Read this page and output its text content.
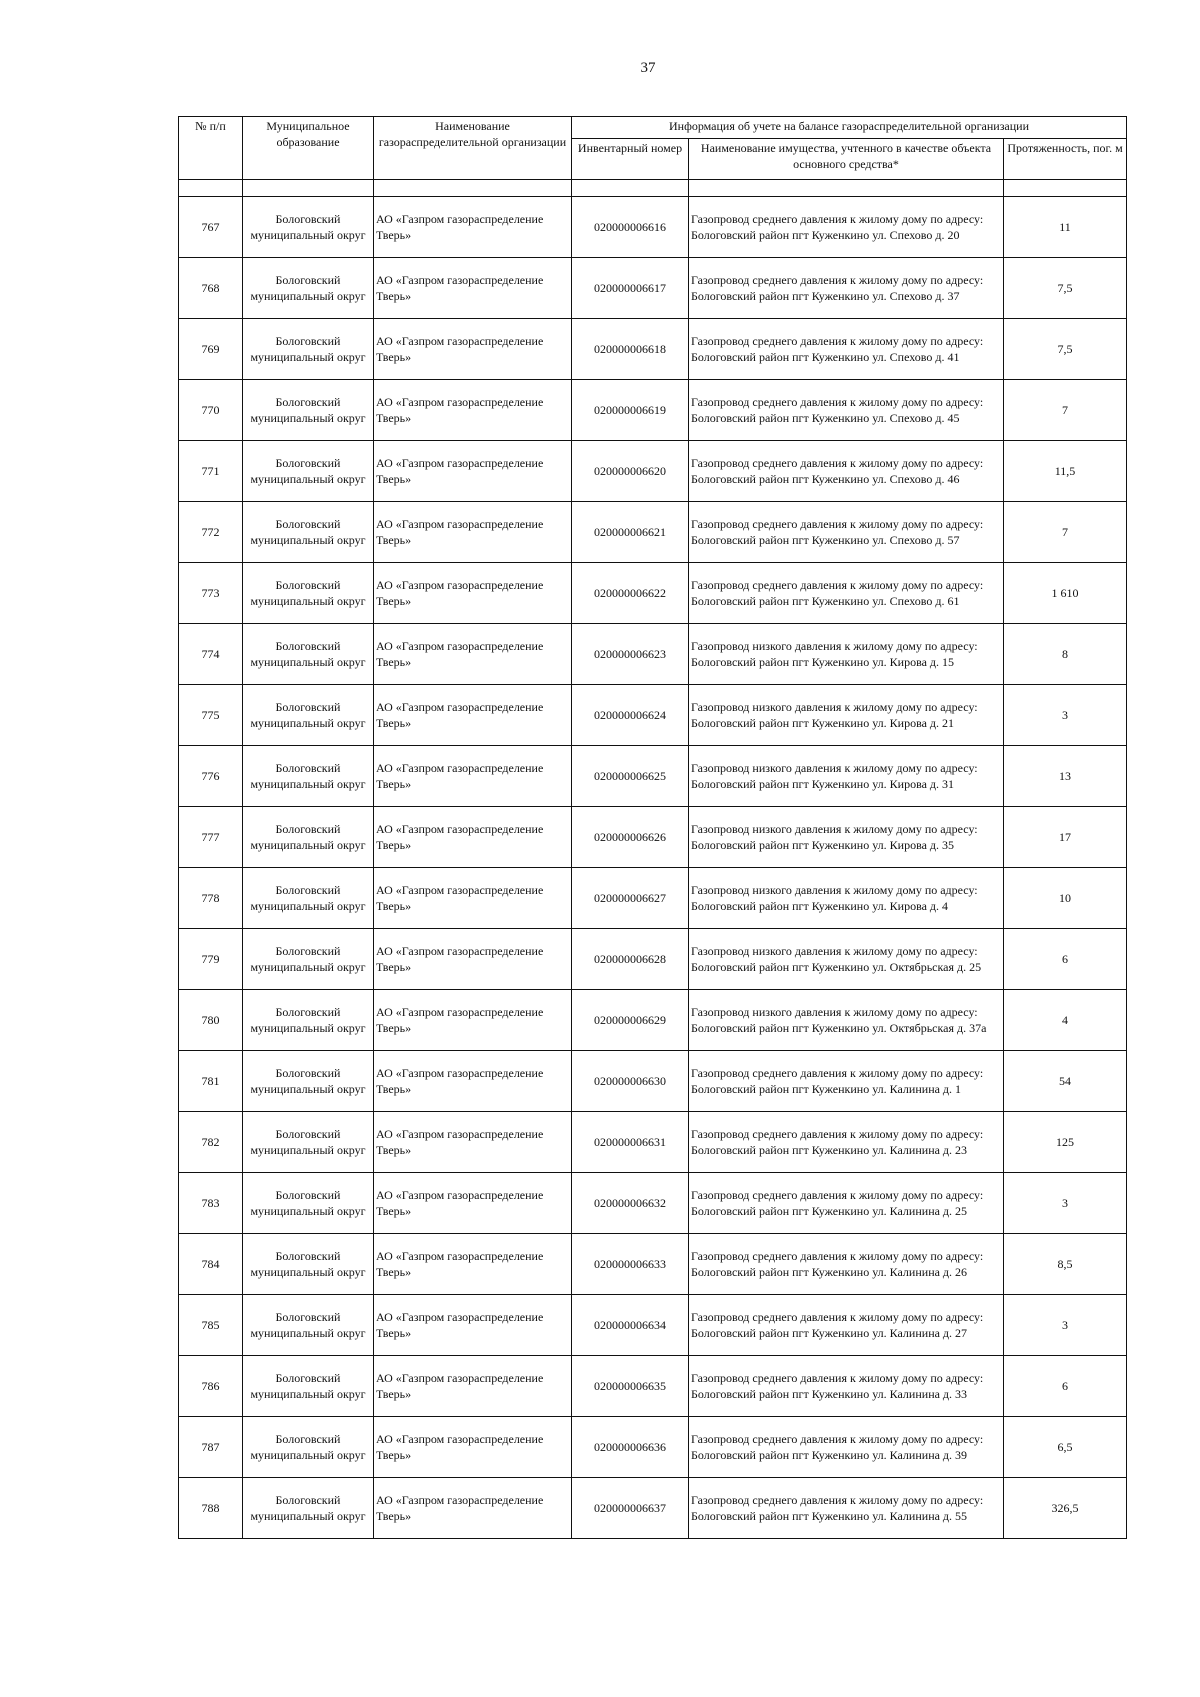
37
№ п/п	Муниципальное образование	Наименование газораспределительной организации	Информация об учете на балансе газораспределительной организации		
			Инвентарный номер	Наименование имущества, учтенного в качестве объекта основного средства*	Протяженность, пог. м

767	Бологовский муниципальный округ	АО «Газпром газораспределение Тверь»	020000006616	Газопровод среднего давления к жилому дому по адресу: Бологовский район пгт Куженкино ул. Спехово д. 20	11
768	Бологовский муниципальный округ	АО «Газпром газораспределение Тверь»	020000006617	Газопровод среднего давления к жилому дому по адресу: Бологовский район пгт Куженкино ул. Спехово д. 37	7,5
769	Бологовский муниципальный округ	АО «Газпром газораспределение Тверь»	020000006618	Газопровод среднего давления к жилому дому по адресу: Бологовский район пгт Куженкино ул. Спехово д. 41	7,5
770	Бологовский муниципальный округ	АО «Газпром газораспределение Тверь»	020000006619	Газопровод среднего давления к жилому дому по адресу: Бологовский район пгт Куженкино ул. Спехово д. 45	7
771	Бологовский муниципальный округ	АО «Газпром газораспределение Тверь»	020000006620	Газопровод среднего давления к жилому дому по адресу: Бологовский район пгт Куженкино ул. Спехово д. 46	11,5
772	Бологовский муниципальный округ	АО «Газпром газораспределение Тверь»	020000006621	Газопровод среднего давления к жилому дому по адресу: Бологовский район пгт Куженкино ул. Спехово д. 57	7
773	Бологовский муниципальный округ	АО «Газпром газораспределение Тверь»	020000006622	Газопровод среднего давления к жилому дому по адресу: Бологовский район пгт Куженкино ул. Спехово д. 61	1 610
774	Бологовский муниципальный округ	АО «Газпром газораспределение Тверь»	020000006623	Газопровод низкого давления к жилому дому по адресу: Бологовский район пгт Куженкино ул. Кирова д. 15	8
775	Бологовский муниципальный округ	АО «Газпром газораспределение Тверь»	020000006624	Газопровод низкого давления к жилому дому по адресу: Бологовский район пгт Куженкино ул. Кирова д. 21	3
776	Бологовский муниципальный округ	АО «Газпром газораспределение Тверь»	020000006625	Газопровод низкого давления к жилому дому по адресу: Бологовский район пгт Куженкино ул. Кирова д. 31	13
777	Бологовский муниципальный округ	АО «Газпром газораспределение Тверь»	020000006626	Газопровод низкого давления к жилому дому по адресу: Бологовский район пгт Куженкино ул. Кирова д. 35	17
778	Бологовский муниципальный округ	АО «Газпром газораспределение Тверь»	020000006627	Газопровод низкого давления к жилому дому по адресу: Бологовский район пгт Куженкино ул. Кирова д. 4	10
779	Бологовский муниципальный округ	АО «Газпром газораспределение Тверь»	020000006628	Газопровод низкого давления к жилому дому по адресу: Бологовский район пгт Куженкино ул. Октябрьская д. 25	6
780	Бологовский муниципальный округ	АО «Газпром газораспределение Тверь»	020000006629	Газопровод низкого давления к жилому дому по адресу: Бологовский район пгт Куженкино ул. Октябрьская д. 37а	4
781	Бологовский муниципальный округ	АО «Газпром газораспределение Тверь»	020000006630	Газопровод среднего давления к жилому дому по адресу: Бологовский район пгт Куженкино ул. Калинина д. 1	54
782	Бологовский муниципальный округ	АО «Газпром газораспределение Тверь»	020000006631	Газопровод среднего давления к жилому дому по адресу: Бологовский район пгт Куженкино ул. Калинина д. 23	125
783	Бологовский муниципальный округ	АО «Газпром газораспределение Тверь»	020000006632	Газопровод среднего давления к жилому дому по адресу: Бологовский район пгт Куженкино ул. Калинина д. 25	3
784	Бологовский муниципальный округ	АО «Газпром газораспределение Тверь»	020000006633	Газопровод среднего давления к жилому дому по адресу: Бологовский район пгт Куженкино ул. Калинина д. 26	8,5
785	Бологовский муниципальный округ	АО «Газпром газораспределение Тверь»	020000006634	Газопровод среднего давления к жилому дому по адресу: Бологовский район пгт Куженкино ул. Калинина д. 27	3
786	Бологовский муниципальный округ	АО «Газпром газораспределение Тверь»	020000006635	Газопровод среднего давления к жилому дому по адресу: Бологовский район пгт Куженкино ул. Калинина д. 33	6
787	Бологовский муниципальный округ	АО «Газпром газораспределение Тверь»	020000006636	Газопровод среднего давления к жилому дому по адресу: Бологовский район пгт Куженкино ул. Калинина д. 39	6,5
788	Бологовский муниципальный округ	АО «Газпром газораспределение Тверь»	020000006637	Газопровод среднего давления к жилому дому по адресу: Бологовский район пгт Куженкино ул. Калинина д. 55	326,5
